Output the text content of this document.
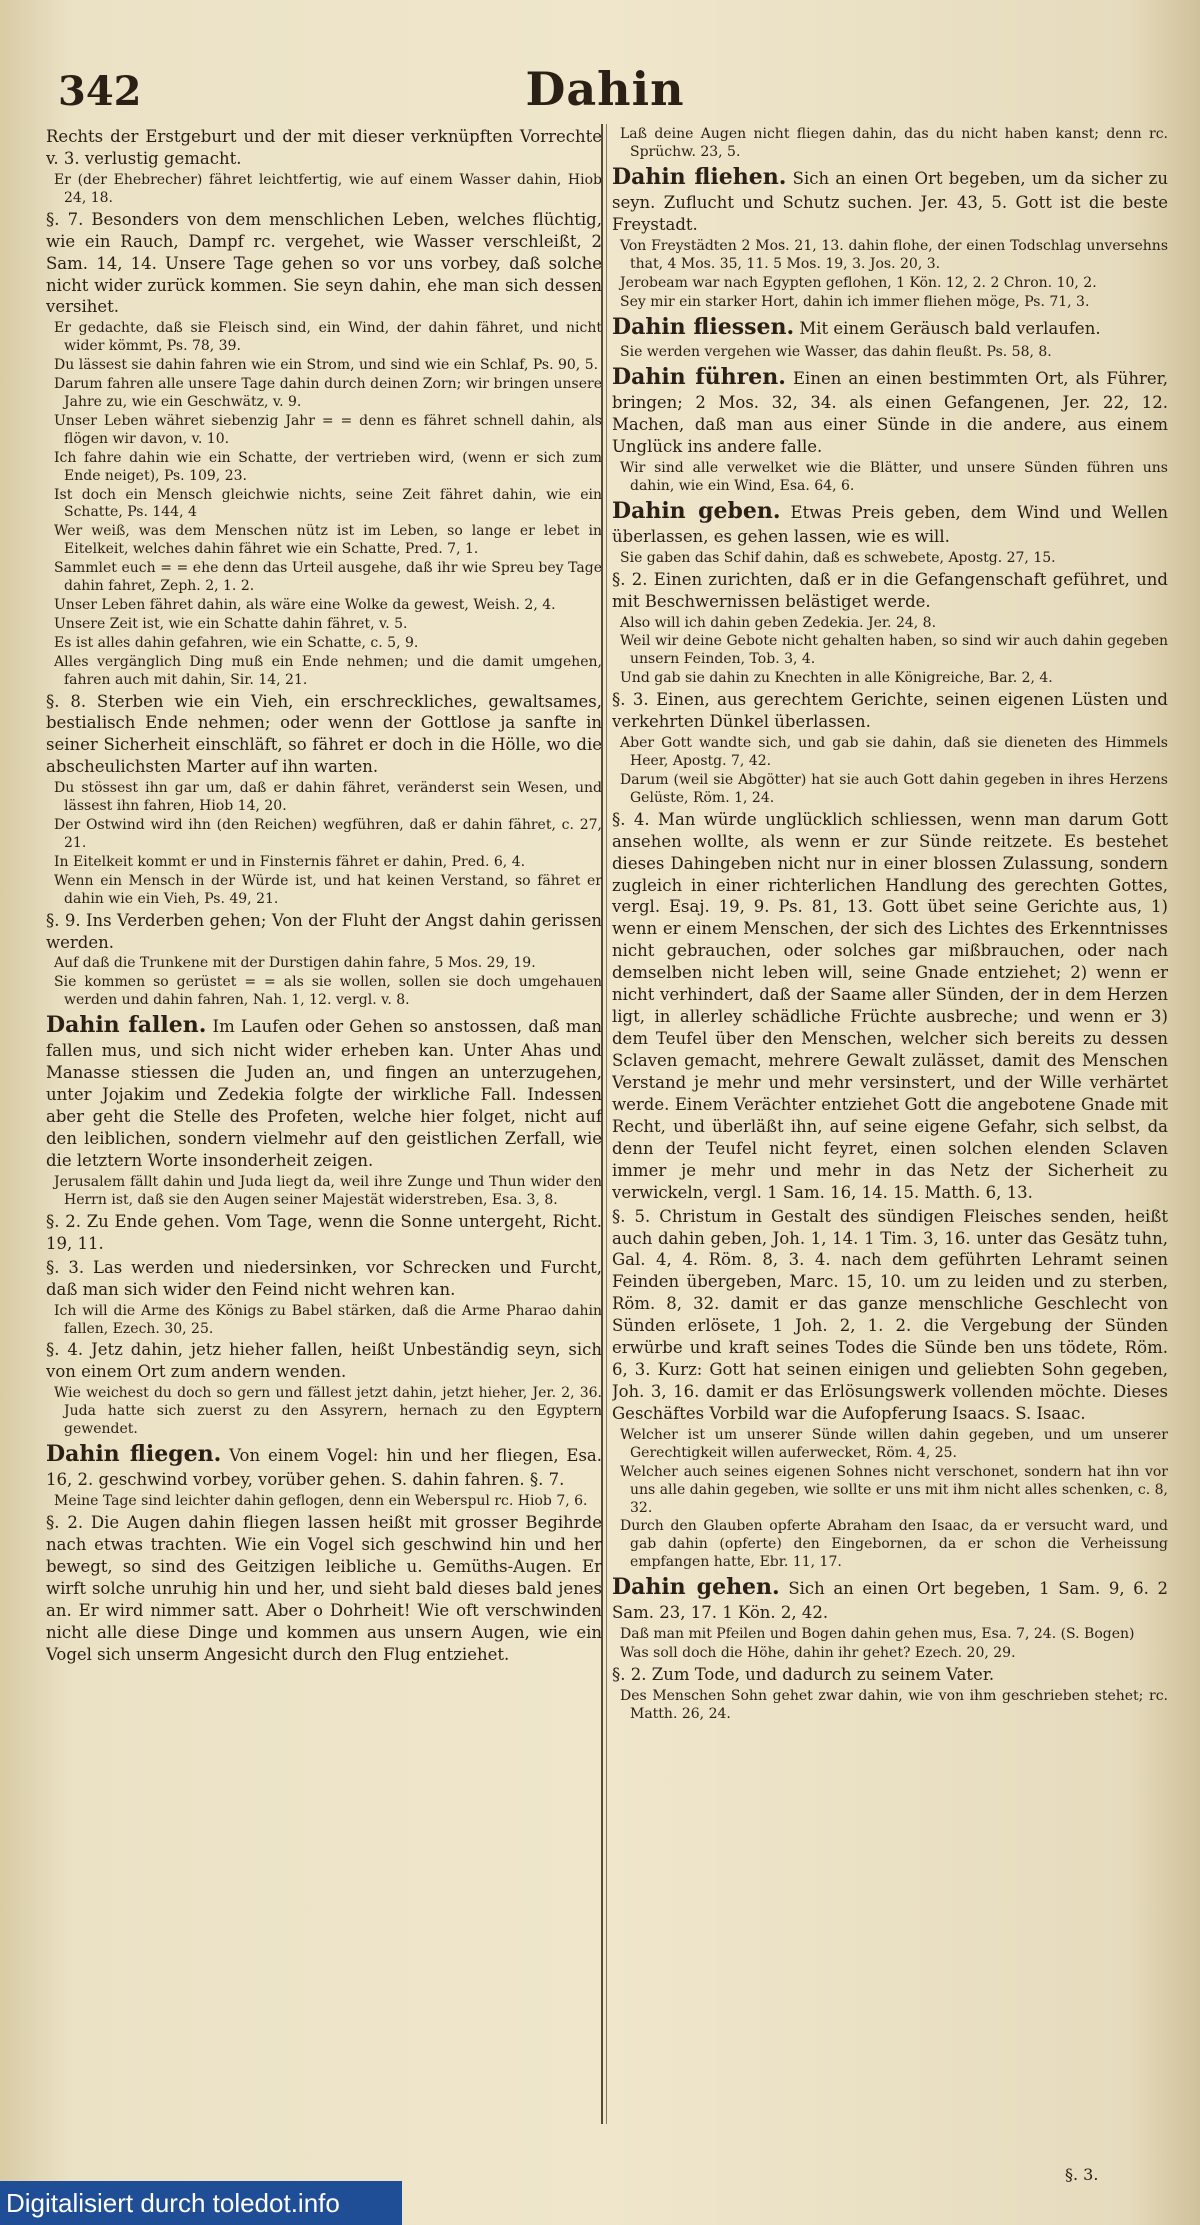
342	Dahin

Rechts der Erstgeburt und der mit dieser verknüpften Vorrechte v. 3. verlustig gemacht.

Er (der Ehebrecher) fähret leichtfertig, wie auf einem Wasser dahin, Hiob 24, 18.

§. 7. Besonders von dem menschlichen Leben, welches flüchtig, wie ein Rauch, Dampf rc. vergehet, wie Wasser verschleißt, 2 Sam. 14, 14. Unsere Tage gehen so vor uns vorbey, daß solche nicht wider zurück kommen. Sie seyn dahin, ehe man sich dessen versihet.

Er gedachte, daß sie Fleisch sind, ein Wind, der dahin fähret, und nicht wider kömmt, Ps. 78, 39.

Du lässest sie dahin fahren wie ein Strom, und sind wie ein Schlaf, Ps. 90, 5.

Darum fahren alle unsere Tage dahin durch deinen Zorn; wir bringen unsere Jahre zu, wie ein Geschwätz, v. 9.

Unser Leben währet siebenzig Jahr = = denn es fähret schnell dahin, als flögen wir davon, v. 10.

Ich fahre dahin wie ein Schatte, der vertrieben wird, (wenn er sich zum Ende neiget), Ps. 109, 23.

Ist doch ein Mensch gleichwie nichts, seine Zeit fähret dahin, wie ein Schatte, Ps. 144, 4

Wer weiß, was dem Menschen nütz ist im Leben, so lange er lebet in Eitelkeit, welches dahin fähret wie ein Schatte, Pred. 7, 1.

Sammlet euch = = ehe denn das Urteil ausgehe, daß ihr wie Spreu bey Tage dahin fahret, Zeph. 2, 1. 2.

Unser Leben fähret dahin, als wäre eine Wolke da gewest, Weish. 2, 4.

Unsere Zeit ist, wie ein Schatte dahin fähret, v. 5.

Es ist alles dahin gefahren, wie ein Schatte, c. 5, 9.

Alles vergänglich Ding muß ein Ende nehmen; und die damit umgehen, fahren auch mit dahin, Sir. 14, 21.

§. 8. Sterben wie ein Vieh, ein erschreckliches, gewaltsames, bestialisch Ende nehmen; oder wenn der Gottlose ja sanfte in seiner Sicherheit einschläft, so fähret er doch in die Hölle, wo die abscheulichsten Marter auf ihn warten.

Du stössest ihn gar um, daß er dahin fähret, veränderst sein Wesen, und lässest ihn fahren, Hiob 14, 20.

Der Ostwind wird ihn (den Reichen) wegführen, daß er dahin fähret, c. 27, 21.

In Eitelkeit kommt er und in Finsternis fähret er dahin, Pred. 6, 4.

Wenn ein Mensch in der Würde ist, und hat keinen Verstand, so fähret er dahin wie ein Vieh, Ps. 49, 21.

§. 9. Ins Verderben gehen; Von der Fluht der Angst dahin gerissen werden.

Auf daß die Trunkene mit der Durstigen dahin fahre, 5 Mos. 29, 19.

Sie kommen so gerüstet = = als sie wollen, sollen sie doch umgehauen werden und dahin fahren, Nah. 1, 12. vergl. v. 8.

Dahin fallen. Im Laufen oder Gehen so anstossen, daß man fallen mus, und sich nicht wider erheben kan. Unter Ahas und Manasse stiessen die Juden an, und fingen an unterzugehen, unter Jojakim und Zedekia folgte der wirkliche Fall. Indessen aber geht die Stelle des Profeten, welche hier folget, nicht auf den leiblichen, sondern vielmehr auf den geistlichen Zerfall, wie die letztern Worte insonderheit zeigen.

Jerusalem fällt dahin und Juda liegt da, weil ihre Zunge und Thun wider den Herrn ist, daß sie den Augen seiner Majestät widerstreben, Esa. 3, 8.

§. 2. Zu Ende gehen. Vom Tage, wenn die Sonne untergeht, Richt. 19, 11.

§. 3. Las werden und niedersinken, vor Schrecken und Furcht, daß man sich wider den Feind nicht wehren kan.

Ich will die Arme des Königs zu Babel stärken, daß die Arme Pharao dahin fallen, Ezech. 30, 25.

§. 4. Jetz dahin, jetz hieher fallen, heißt Unbeständig seyn, sich von einem Ort zum andern wenden.

Wie weichest du doch so gern und fällest jetzt dahin, jetzt hieher, Jer. 2, 36. Juda hatte sich zuerst zu den Assyrern, hernach zu den Egyptern gewendet.

Dahin fliegen. Von einem Vogel: hin und her fliegen, Esa. 16, 2. geschwind vorbey, vorüber gehen. S. dahin fahren. §. 7.

Meine Tage sind leichter dahin geflogen, denn ein Weberspul rc. Hiob 7, 6.

§. 2. Die Augen dahin fliegen lassen heißt mit grosser Begihrde nach etwas trachten. Wie ein Vogel sich geschwind hin und her bewegt, so sind des Geitzigen leibliche u. Gemüths-Augen. Er wirft solche unruhig hin und her, und sieht bald dieses bald jenes an. Er wird nimmer satt. Aber o Dohrheit! Wie oft verschwinden nicht alle diese Dinge und kommen aus unsern Augen, wie ein Vogel sich unserm Angesicht durch den Flug entziehet.

Laß deine Augen nicht fliegen dahin, das du nicht haben kanst; denn rc. Sprüchw. 23, 5.

Dahin fliehen. Sich an einen Ort begeben, um da sicher zu seyn. Zuflucht und Schutz suchen. Jer. 43, 5. Gott ist die beste Freystadt.

Von Freystädten 2 Mos. 21, 13. dahin flohe, der einen Todschlag unversehns that, 4 Mos. 35, 11. 5 Mos. 19, 3. Jos. 20, 3.

Jerobeam war nach Egypten geflohen, 1 Kön. 12, 2. 2 Chron. 10, 2.

Sey mir ein starker Hort, dahin ich immer fliehen möge, Ps. 71, 3.

Dahin fliessen. Mit einem Geräusch bald verlaufen.

Sie werden vergehen wie Wasser, das dahin fleußt. Ps. 58, 8.

Dahin führen. Einen an einen bestimmten Ort, als Führer, bringen; 2 Mos. 32, 34. als einen Gefangenen, Jer. 22, 12. Machen, daß man aus einer Sünde in die andere, aus einem Unglück ins andere falle.

Wir sind alle verwelket wie die Blätter, und unsere Sünden führen uns dahin, wie ein Wind, Esa. 64, 6.

Dahin geben. Etwas Preis geben, dem Wind und Wellen überlassen, es gehen lassen, wie es will.

Sie gaben das Schif dahin, daß es schwebete, Apostg. 27, 15.

§. 2. Einen zurichten, daß er in die Gefangenschaft geführet, und mit Beschwernissen belästiget werde.

Also will ich dahin geben Zedekia. Jer. 24, 8.

Weil wir deine Gebote nicht gehalten haben, so sind wir auch dahin gegeben unsern Feinden, Tob. 3, 4.

Und gab sie dahin zu Knechten in alle Königreiche, Bar. 2, 4.

§. 3. Einen, aus gerechtem Gerichte, seinen eigenen Lüsten und verkehrten Dünkel überlassen.

Aber Gott wandte sich, und gab sie dahin, daß sie dieneten des Himmels Heer, Apostg. 7, 42.

Darum (weil sie Abgötter) hat sie auch Gott dahin gegeben in ihres Herzens Gelüste, Röm. 1, 24.

§. 4. Man würde unglücklich schliessen, wenn man darum Gott ansehen wollte, als wenn er zur Sünde reitzete. Es bestehet dieses Dahingeben nicht nur in einer blossen Zulassung, sondern zugleich in einer richterlichen Handlung des gerechten Gottes, vergl. Esaj. 19, 9. Ps. 81, 13. Gott übet seine Gerichte aus, 1) wenn er einem Menschen, der sich des Lichtes des Erkenntnisses nicht gebrauchen, oder solches gar mißbrauchen, oder nach demselben nicht leben will, seine Gnade entziehet; 2) wenn er nicht verhindert, daß der Saame aller Sünden, der in dem Herzen ligt, in allerley schädliche Früchte ausbreche; und wenn er 3) dem Teufel über den Menschen, welcher sich bereits zu dessen Sclaven gemacht, mehrere Gewalt zulässet, damit des Menschen Verstand je mehr und mehr versinstert, und der Wille verhärtet werde. Einem Verächter entziehet Gott die angebotene Gnade mit Recht, und überläßt ihn, auf seine eigene Gefahr, sich selbst, da denn der Teufel nicht feyret, einen solchen elenden Sclaven immer je mehr und mehr in das Netz der Sicherheit zu verwickeln, vergl. 1 Sam. 16, 14. 15. Matth. 6, 13.

§. 5. Christum in Gestalt des sündigen Fleisches senden, heißt auch dahin geben, Joh. 1, 14. 1 Tim. 3, 16. unter das Gesätz tuhn, Gal. 4, 4. Röm. 8, 3. 4. nach dem geführten Lehramt seinen Feinden übergeben, Marc. 15, 10. um zu leiden und zu sterben, Röm. 8, 32. damit er das ganze menschliche Geschlecht von Sünden erlösete, 1 Joh. 2, 1. 2. die Vergebung der Sünden erwürbe und kraft seines Todes die Sünde ben uns tödete, Röm. 6, 3. Kurz: Gott hat seinen einigen und geliebten Sohn gegeben, Joh. 3, 16. damit er das Erlösungswerk vollenden möchte. Dieses Geschäftes Vorbild war die Aufopferung Isaacs. S. Isaac.

Welcher ist um unserer Sünde willen dahin gegeben, und um unserer Gerechtigkeit willen auferwecket, Röm. 4, 25.

Welcher auch seines eigenen Sohnes nicht verschonet, sondern hat ihn vor uns alle dahin gegeben, wie sollte er uns mit ihm nicht alles schenken, c. 8, 32.

Durch den Glauben opferte Abraham den Isaac, da er versucht ward, und gab dahin (opferte) den Eingebornen, da er schon die Verheissung empfangen hatte, Ebr. 11, 17.

Dahin gehen. Sich an einen Ort begeben, 1 Sam. 9, 6. 2 Sam. 23, 17. 1 Kön. 2, 42.

Daß man mit Pfeilen und Bogen dahin gehen mus, Esa. 7, 24. (S. Bogen)

Was soll doch die Höhe, dahin ihr gehet? Ezech. 20, 29.

§. 2. Zum Tode, und dadurch zu seinem Vater.

Des Menschen Sohn gehet zwar dahin, wie von ihm geschrieben stehet; rc. Matth. 26, 24.

§. 3.
Digitalisiert durch toledot.info
